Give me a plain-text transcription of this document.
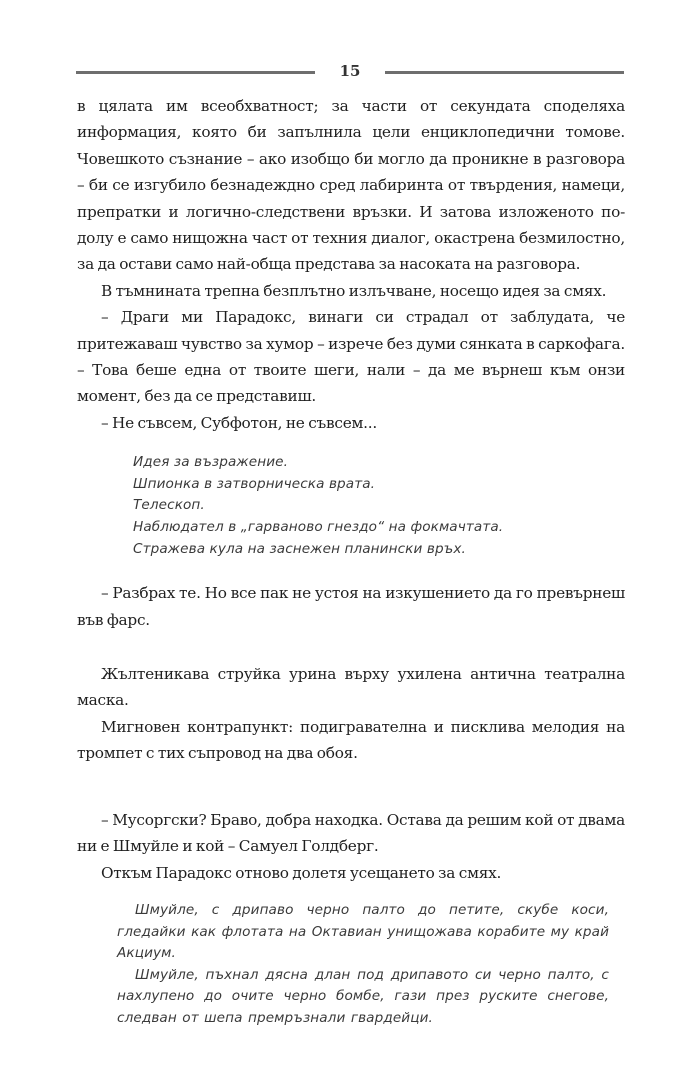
15

в цялата им всеобхватност; за части от секундата споделяха информация, която би запълнила цели енциклопедични томове. Човешкото съзнание – ако изобщо би могло да проникне в разговора – би се изгубило безнадеждно сред лабиринта от твърдения, намеци, препратки и логично-следствени връзки. И затова изложеното по-долу е само нищожна част от техния диалог, окастрена безмилостно, за да остави само най-обща представа за насоката на разговора.

В тъмнината трепна безплътно излъчване, носещо идея за смях.

– Драги ми Парадокс, винаги си страдал от заблудата, че притежаваш чувство за хумор – изрече без думи сянката в саркофага. – Това беше една от твоите шеги, нали – да ме върнеш към онзи момент, без да се представиш.

– Не съвсем, Субфотон, не съвсем...

Идея за възражение.
Шпионка в затворническа врата.
Телескоп.
Наблюдател в „гарваново гнездо“ на фокмачтата.
Стражева кула на заснежен планински връх.

– Разбрах те. Но все пак не устоя на изкушението да го превърнеш във фарс.

Жълтеникава струйка урина върху ухилена антична театрална маска.

Мигновен контрапункт: подигравателна и писклива мелодия на тромпет с тих съпровод на два обоя.

– Мусоргски? Браво, добра находка. Остава да решим кой от двама ни е Шмуйле и кой – Самуел Голдберг.

Откъм Парадокс отново долетя усещането за смях.

Шмуйле, с дрипаво черно палто до петите, скубе коси, гледайки как флотата на Октавиан унищожава корабите му край Акциум.

Шмуйле, пъхнал дясна длан под дрипавото си черно палто, с нахлупено до очите черно бомбе, гази през руските снегове, следван от шепа премръзнали гвардейци.
